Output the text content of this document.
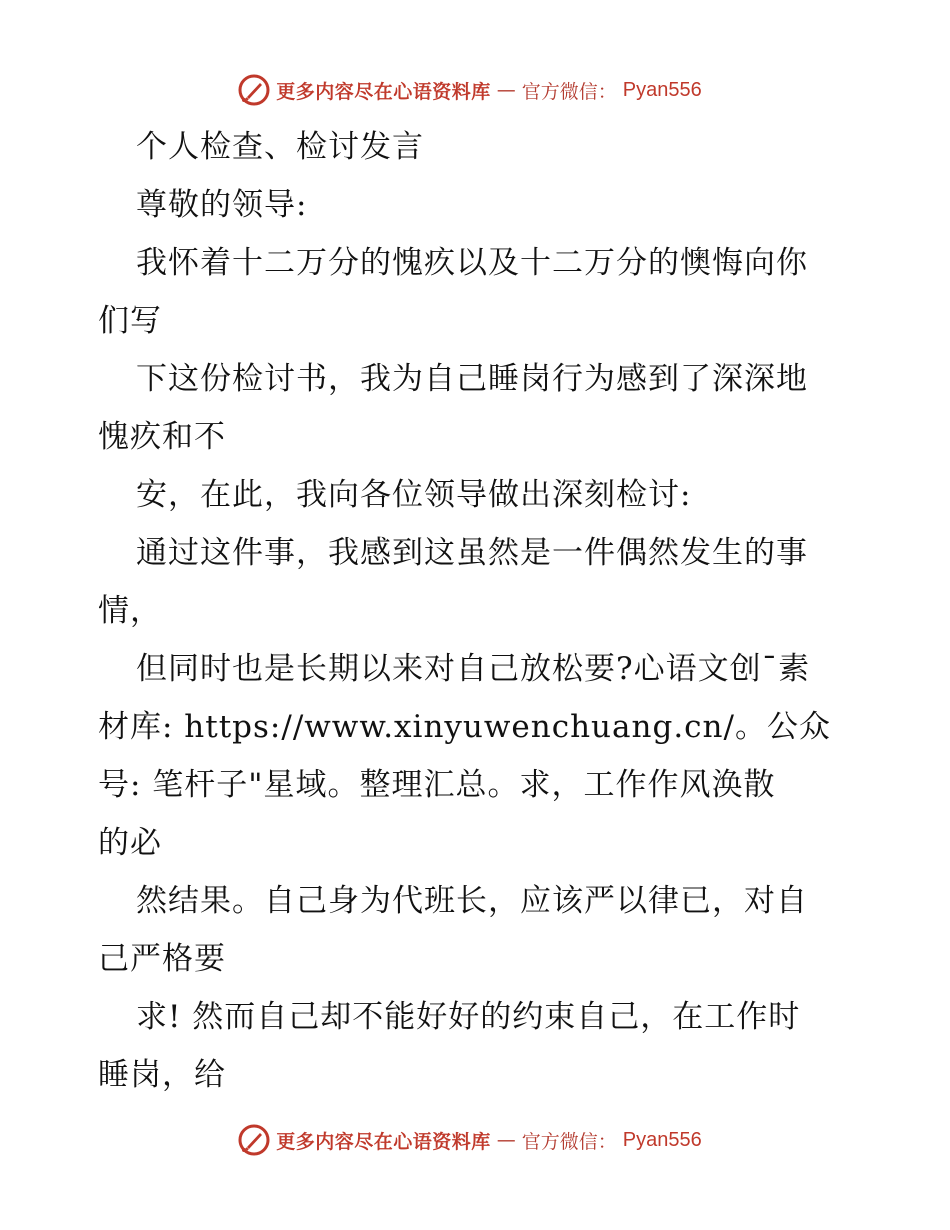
更多内容尽在心语资料库 — 官方微信： Pyan556
个人检查、检讨发言
尊敬的领导:
我怀着十二万分的愧疚以及十二万分的懊悔向你
们写
下这份检讨书，我为自己睡岗行为感到了深深地
愧疚和不
安，在此，我向各位领导做出深刻检讨:
通过这件事，我感到这虽然是一件偶然发生的事
情，
但同时也是长期以来对自己放松要?心语文创¯素
材库: https://www.xinyuwenchuang.cn/。公众
号: 笔杆子"星域。整理汇总。求，工作作风涣散
的必
然结果。自己身为代班长，应该严以律已，对自
己严格要
求! 然而自己却不能好好的约束自己，在工作时
睡岗，给
更多内容尽在心语资料库 — 官方微信： Pyan556
